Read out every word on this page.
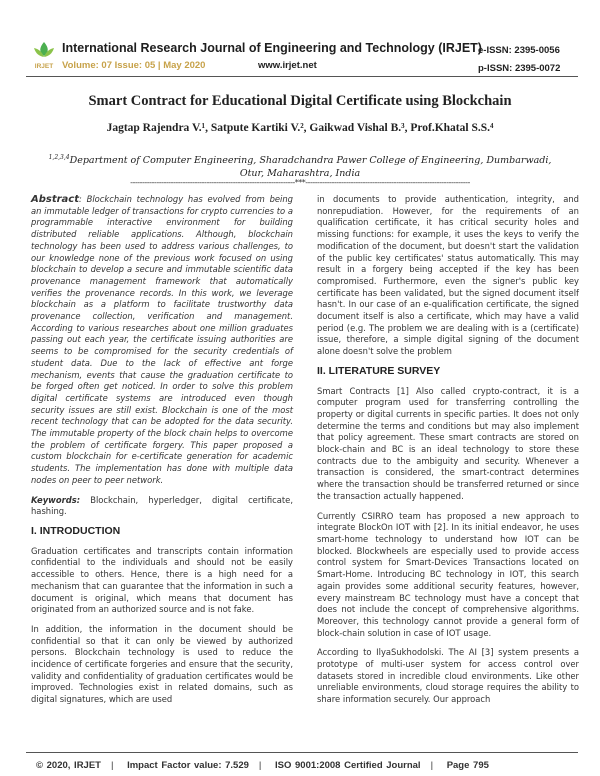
IRJET
International Research Journal of Engineering and Technology (IRJET)
Volume: 07 Issue: 05 | May 2020	www.irjet.net
e-ISSN: 2395-0056
p-ISSN: 2395-0072
Smart Contract for Educational Digital Certificate using Blockchain
Jagtap Rajendra V.¹, Satpute Kartiki V.², Gaikwad Vishal B.³, Prof.Khatal S.S.⁴
$^{1,2,3,4}$Department of Computer Engineering, Sharadchandra Pawer College of Engineering, Dumbarwadi, Otur, Maharashtra, India
---------------------------------------------------------------------***---------------------------------------------------------------------

Abstract: Blockchain technology has evolved from being an immutable ledger of transactions for crypto currencies to a programmable interactive environment for building distributed reliable applications. Although, blockchain technology has been used to address various challenges, to our knowledge none of the previous work focused on using blockchain to develop a secure and immutable scientific data provenance management framework that automatically verifies the provenance records. In this work, we leverage blockchain as a platform to facilitate trustworthy data provenance collection, verification and management. According to various researches about one million graduates passing out each year, the certificate issuing authorities are seems to be compromised for the security credentials of student data. Due to the lack of effective ant forge mechanism, events that cause the graduation certificate to be forged often get noticed. In order to solve this problem digital certificate systems are introduced even though security issues are still exist. Blockchain is one of the most recent technology that can be adopted for the data security. The immutable property of the block chain helps to overcome the problem of certificate forgery. This paper proposed a custom blockchain for e-certificate generation for academic students. The implementation has done with multiple data nodes on peer to peer network.

Keywords: Blockchain, hyperledger, digital certificate, hashing.

I. INTRODUCTION

Graduation certificates and transcripts contain information confidential to the individuals and should not be easily accessible to others. Hence, there is a high need for a mechanism that can guarantee that the information in such a document is original, which means that document has originated from an authorized source and is not fake.

In addition, the information in the document should be confidential so that it can only be viewed by authorized persons. Blockchain technology is used to reduce the incidence of certificate forgeries and ensure that the security, validity and confidentiality of graduation certificates would be improved. Technologies exist in related domains, such as digital signatures, which are used

in documents to provide authentication, integrity, and nonrepudiation. However, for the requirements of an qualification certificate, it has critical security holes and missing functions: for example, it uses the keys to verify the modification of the document, but doesn't start the validation of the public key certificates' status automatically. This may result in a forgery being accepted if the key has been compromised. Furthermore, even the signer's public key certificate has been validated, but the signed document itself hasn't. In our case of an e-qualification certificate, the signed document itself is also a certificate, which may have a valid period (e.g. The problem we are dealing with is a (certificate) issue, therefore, a simple digital signing of the document alone doesn't solve the problem

II. LITERATURE SURVEY

Smart Contracts [1] Also called crypto-contract, it is a computer program used for transferring controlling the property or digital currents in specific parties. It does not only determine the terms and conditions but may also implement that policy agreement. These smart contracts are stored on block-chain and BC is an ideal technology to store these contracts due to the ambiguity and security. Whenever a transaction is considered, the smart-contract determines where the transaction should be transferred returned or since the transaction actually happened.

Currently CSIRRO team has proposed a new approach to integrate BlockOn IOT with [2]. In its initial endeavor, he uses smart-home technology to understand how IOT can be blocked. Blockwheels are especially used to provide access control system for Smart-Devices Transactions located on Smart-Home. Introducing BC technology in IOT, this search again provides some additional security features, however, every mainstream BC technology must have a concept that does not include the concept of comprehensive algorithms. Moreover, this technology cannot provide a general form of block-chain solution in case of IOT usage.

According to IlyaSukhodolski. The AI [3] system presents a prototype of multi-user system for access control over datasets stored in incredible cloud environments. Like other unreliable environments, cloud storage requires the ability to share information securely. Our approach

© 2020, IRJET | Impact Factor value: 7.529 | ISO 9001:2008 Certified Journal | Page 795
